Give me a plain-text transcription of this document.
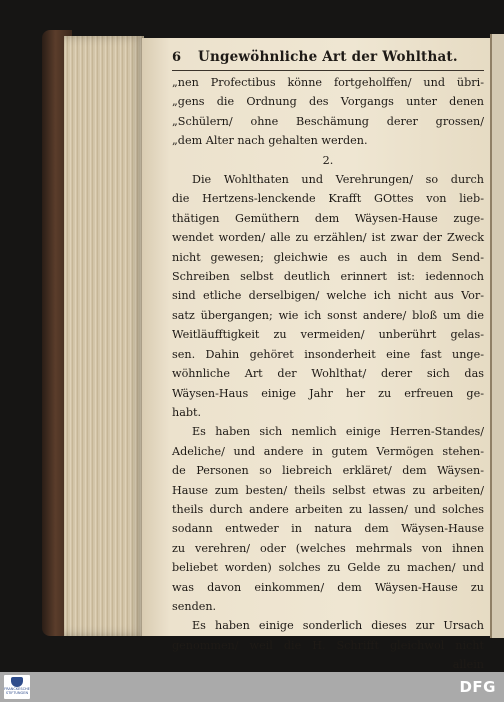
6	Ungewöhnliche Art der Wohlthat.
„nen Profectibus könne fortgeholffen/ und übri-
„gens die Ordnung des Vorgangs unter denen
„Schülern/ ohne Beschämung derer grossen/
„dem Alter nach gehalten werden.
2.
Die Wohlthaten und Verehrungen/ so durch
die Hertzens-lenckende Krafft GOttes von lieb-
thätigen Gemüthern dem Wäysen-Hause zuge-
wendet worden/ alle zu erzählen/ ist zwar der Zweck
nicht gewesen; gleichwie es auch in dem Send-
Schreiben selbst deutlich erinnert ist: iedennoch
sind etliche derselbigen/ welche ich nicht aus Vor-
satz übergangen; wie ich sonst andere/ bloß um die
Weitläufftigkeit zu vermeiden/ unberührt gelas-
sen. Dahin gehöret insonderheit eine fast unge-
wöhnliche Art der Wohlthat/ derer sich das
Wäysen-Haus einige Jahr her zu erfreuen ge-
habt.
Es haben sich nemlich einige Herren-Standes/
Adeliche/ und andere in gutem Vermögen stehen-
de Personen so liebreich erkläret/ dem Wäysen-
Hause zum besten/ theils selbst etwas zu arbeiten/
theils durch andere arbeiten zu lassen/ und solches
sodann entweder in natura dem Wäysen-Hause
zu verehren/ oder (welches mehrmals von ihnen
beliebet worden) solches zu Gelde zu machen/ und
was davon einkommen/ dem Wäysen-Hause zu
senden.
Es haben einige sonderlich dieses zur Ursach
genommen/ weil die H. Schrifft gleichwol nicht
allein
FRANCKESCHE STIFTUNGEN	DFG
